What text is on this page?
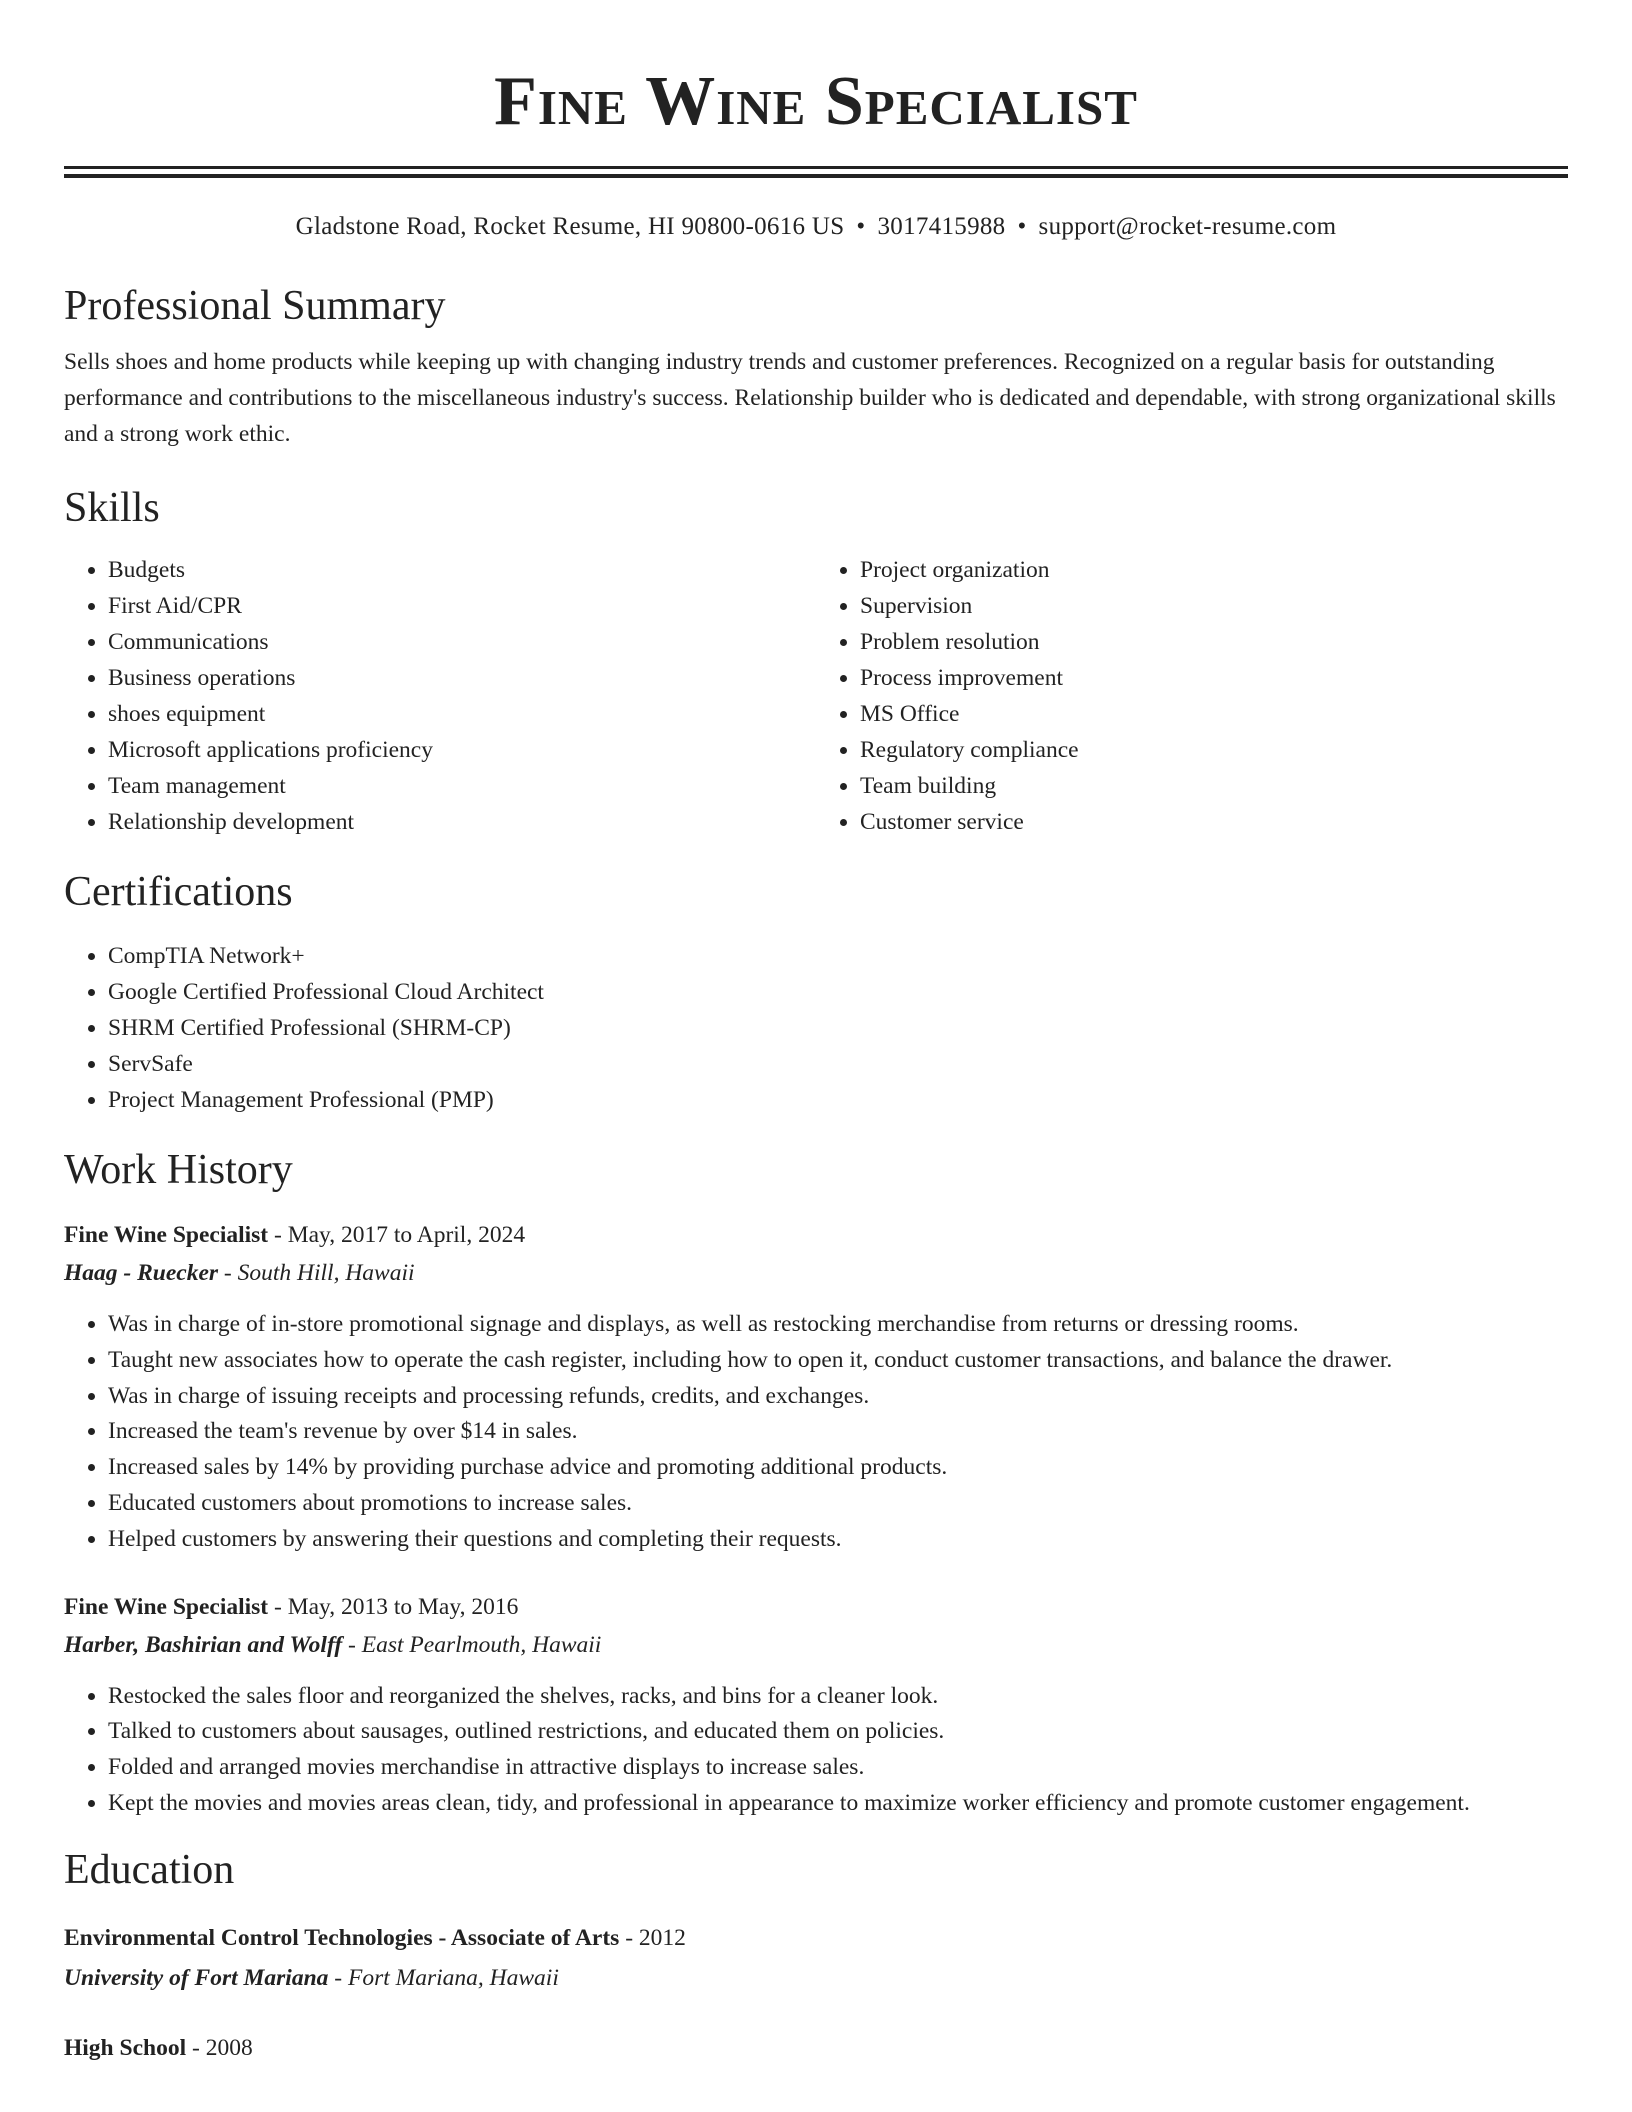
Fine Wine Specialist
Gladstone Road, Rocket Resume, HI 90800-0616 US • 3017415988 • support@rocket-resume.com
Professional Summary

Sells shoes and home products while keeping up with changing industry trends and customer preferences. Recognized on a regular basis for outstanding performance and contributions to the miscellaneous industry's success. Relationship builder who is dedicated and dependable, with strong organizational skills and a strong work ethic.

Skills
• Budgets
• First Aid/CPR
• Communications
• Business operations
• shoes equipment
• Microsoft applications proficiency
• Team management
• Relationship development
• Project organization
• Supervision
• Problem resolution
• Process improvement
• MS Office
• Regulatory compliance
• Team building
• Customer service
Certifications
• CompTIA Network+
• Google Certified Professional Cloud Architect
• SHRM Certified Professional (SHRM-CP)
• ServSafe
• Project Management Professional (PMP)
Work History
Fine Wine Specialist - May, 2017 to April, 2024
Haag - Ruecker - South Hill, Hawaii
• Was in charge of in-store promotional signage and displays, as well as restocking merchandise from returns or dressing rooms.
• Taught new associates how to operate the cash register, including how to open it, conduct customer transactions, and balance the drawer.
• Was in charge of issuing receipts and processing refunds, credits, and exchanges.
• Increased the team's revenue by over $14 in sales.
• Increased sales by 14% by providing purchase advice and promoting additional products.
• Educated customers about promotions to increase sales.
• Helped customers by answering their questions and completing their requests.
Fine Wine Specialist - May, 2013 to May, 2016
Harber, Bashirian and Wolff - East Pearlmouth, Hawaii
• Restocked the sales floor and reorganized the shelves, racks, and bins for a cleaner look.
• Talked to customers about sausages, outlined restrictions, and educated them on policies.
• Folded and arranged movies merchandise in attractive displays to increase sales.
• Kept the movies and movies areas clean, tidy, and professional in appearance to maximize worker efficiency and promote customer engagement.
Education
Environmental Control Technologies - Associate of Arts - 2012
University of Fort Mariana - Fort Mariana, Hawaii
High School - 2008
